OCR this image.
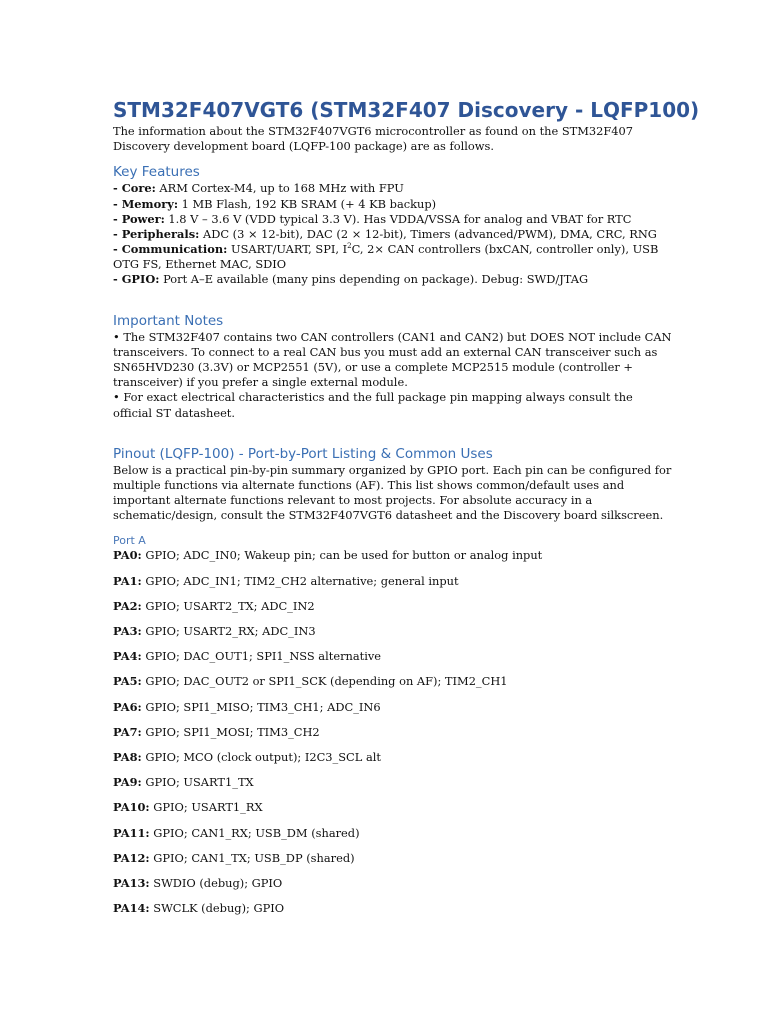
STM32F407VGT6 (STM32F407 Discovery - LQFP100)

The information about the STM32F407VGT6 microcontroller as found on the STM32F407 Discovery development board (LQFP-100 package) are as follows.

Key Features
- Core: ARM Cortex-M4, up to 168 MHz with FPU
- Memory: 1 MB Flash, 192 KB SRAM (+ 4 KB backup)
- Power: 1.8 V – 3.6 V (VDD typical 3.3 V). Has VDDA/VSSA for analog and VBAT for RTC
- Peripherals: ADC (3 × 12-bit), DAC (2 × 12-bit), Timers (advanced/PWM), DMA, CRC, RNG
- Communication: USART/UART, SPI, $I^2C$, 2× CAN controllers (bxCAN, controller only), USB OTG FS, Ethernet MAC, SDIO
- GPIO: Port A–E available (many pins depending on package). Debug: SWD/JTAG
Important Notes
• The STM32F407 contains two CAN controllers (CAN1 and CAN2) but DOES NOT include CAN transceivers. To connect to a real CAN bus you must add an external CAN transceiver such as SN65HVD230 (3.3V) or MCP2551 (5V), or use a complete MCP2515 module (controller + transceiver) if you prefer a single external module.
• For exact electrical characteristics and the full package pin mapping always consult the official ST datasheet.
Pinout (LQFP-100) - Port-by-Port Listing & Common Uses

Below is a practical pin-by-pin summary organized by GPIO port. Each pin can be configured for multiple functions via alternate functions (AF). This list shows common/default uses and important alternate functions relevant to most projects. For absolute accuracy in a schematic/design, consult the STM32F407VGT6 datasheet and the Discovery board silkscreen.

Port A
PA0: GPIO; ADC_IN0; Wakeup pin; can be used for button or analog input
PA1: GPIO; ADC_IN1; TIM2_CH2 alternative; general input
PA2: GPIO; USART2_TX; ADC_IN2
PA3: GPIO; USART2_RX; ADC_IN3
PA4: GPIO; DAC_OUT1; SPI1_NSS alternative
PA5: GPIO; DAC_OUT2 or SPI1_SCK (depending on AF); TIM2_CH1
PA6: GPIO; SPI1_MISO; TIM3_CH1; ADC_IN6
PA7: GPIO; SPI1_MOSI; TIM3_CH2
PA8: GPIO; MCO (clock output); I2C3_SCL alt
PA9: GPIO; USART1_TX
PA10: GPIO; USART1_RX
PA11: GPIO; CAN1_RX; USB_DM (shared)
PA12: GPIO; CAN1_TX; USB_DP (shared)
PA13: SWDIO (debug); GPIO
PA14: SWCLK (debug); GPIO
